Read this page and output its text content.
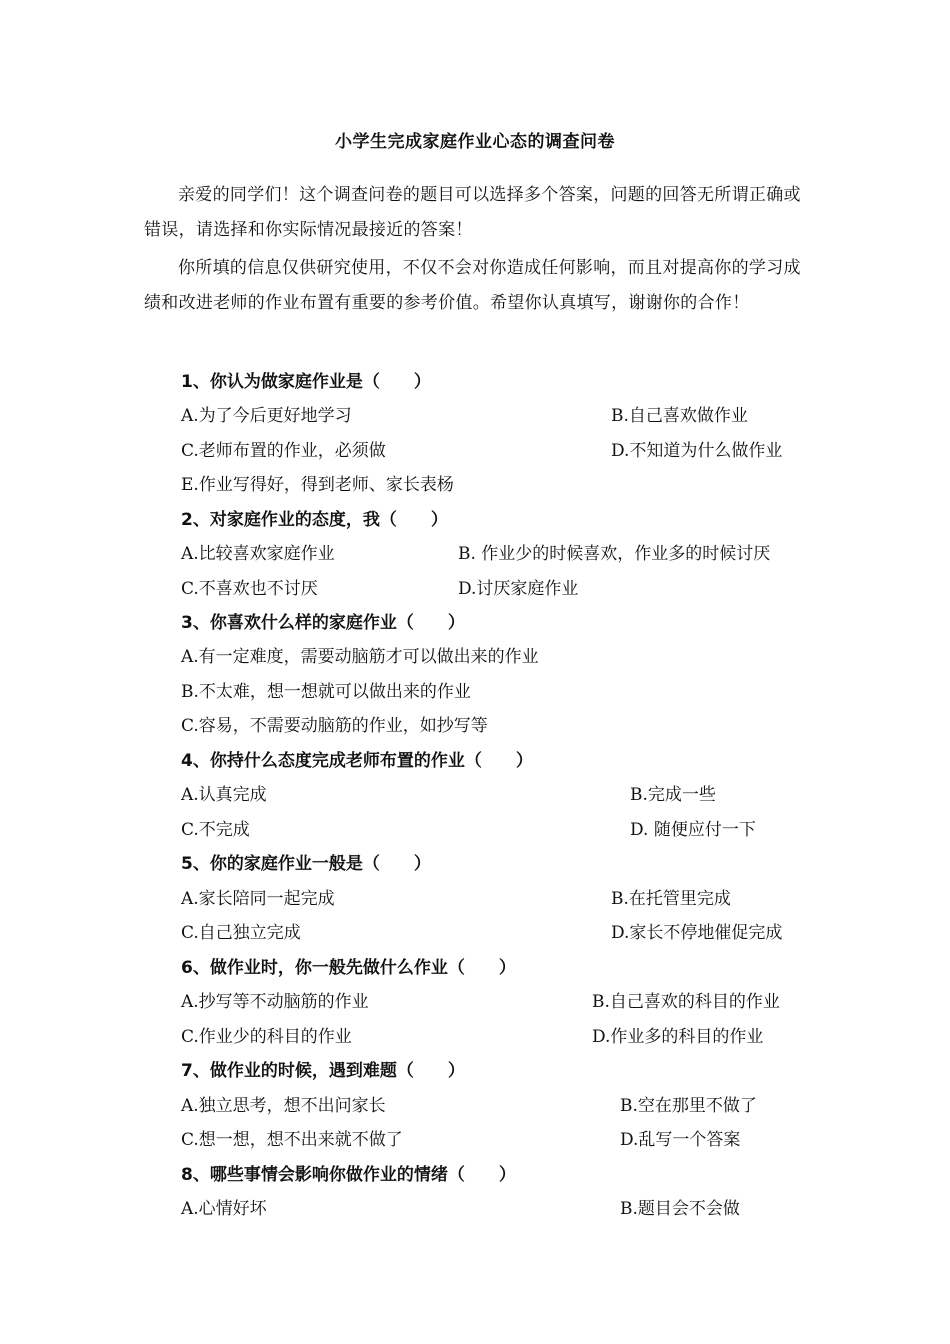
小学生完成家庭作业心态的调查问卷
亲爱的同学们！这个调查问卷的题目可以选择多个答案，问题的回答无所谓正确或错误，请选择和你实际情况最接近的答案！
你所填的信息仅供研究使用，不仅不会对你造成任何影响，而且对提高你的学习成绩和改进老师的作业布置有重要的参考价值。希望你认真填写，谢谢你的合作！
1、你认为做家庭作业是（ ）
A.为了今后更好地学习	B.自己喜欢做作业
C.老师布置的作业，必须做	D.不知道为什么做作业
E.作业写得好，得到老师、家长表杨
2、对家庭作业的态度，我（ ）
A.比较喜欢家庭作业	B. 作业少的时候喜欢，作业多的时候讨厌
C.不喜欢也不讨厌	D.讨厌家庭作业
3、你喜欢什么样的家庭作业（ ）
A.有一定难度，需要动脑筋才可以做出来的作业
B.不太难，想一想就可以做出来的作业
C.容易，不需要动脑筋的作业，如抄写等
4、你持什么态度完成老师布置的作业（ ）
A.认真完成	B.完成一些
C.不完成	D. 随便应付一下
5、你的家庭作业一般是（ ）
A.家长陪同一起完成	B.在托管里完成
C.自己独立完成	D.家长不停地催促完成
6、做作业时，你一般先做什么作业（ ）
A.抄写等不动脑筋的作业	B.自己喜欢的科目的作业
C.作业少的科目的作业	D.作业多的科目的作业
7、做作业的时候，遇到难题（ ）
A.独立思考，想不出问家长	B.空在那里不做了
C.想一想，想不出来就不做了	D.乱写一个答案
8、哪些事情会影响你做作业的情绪（ ）
A.心情好坏	B.题目会不会做
